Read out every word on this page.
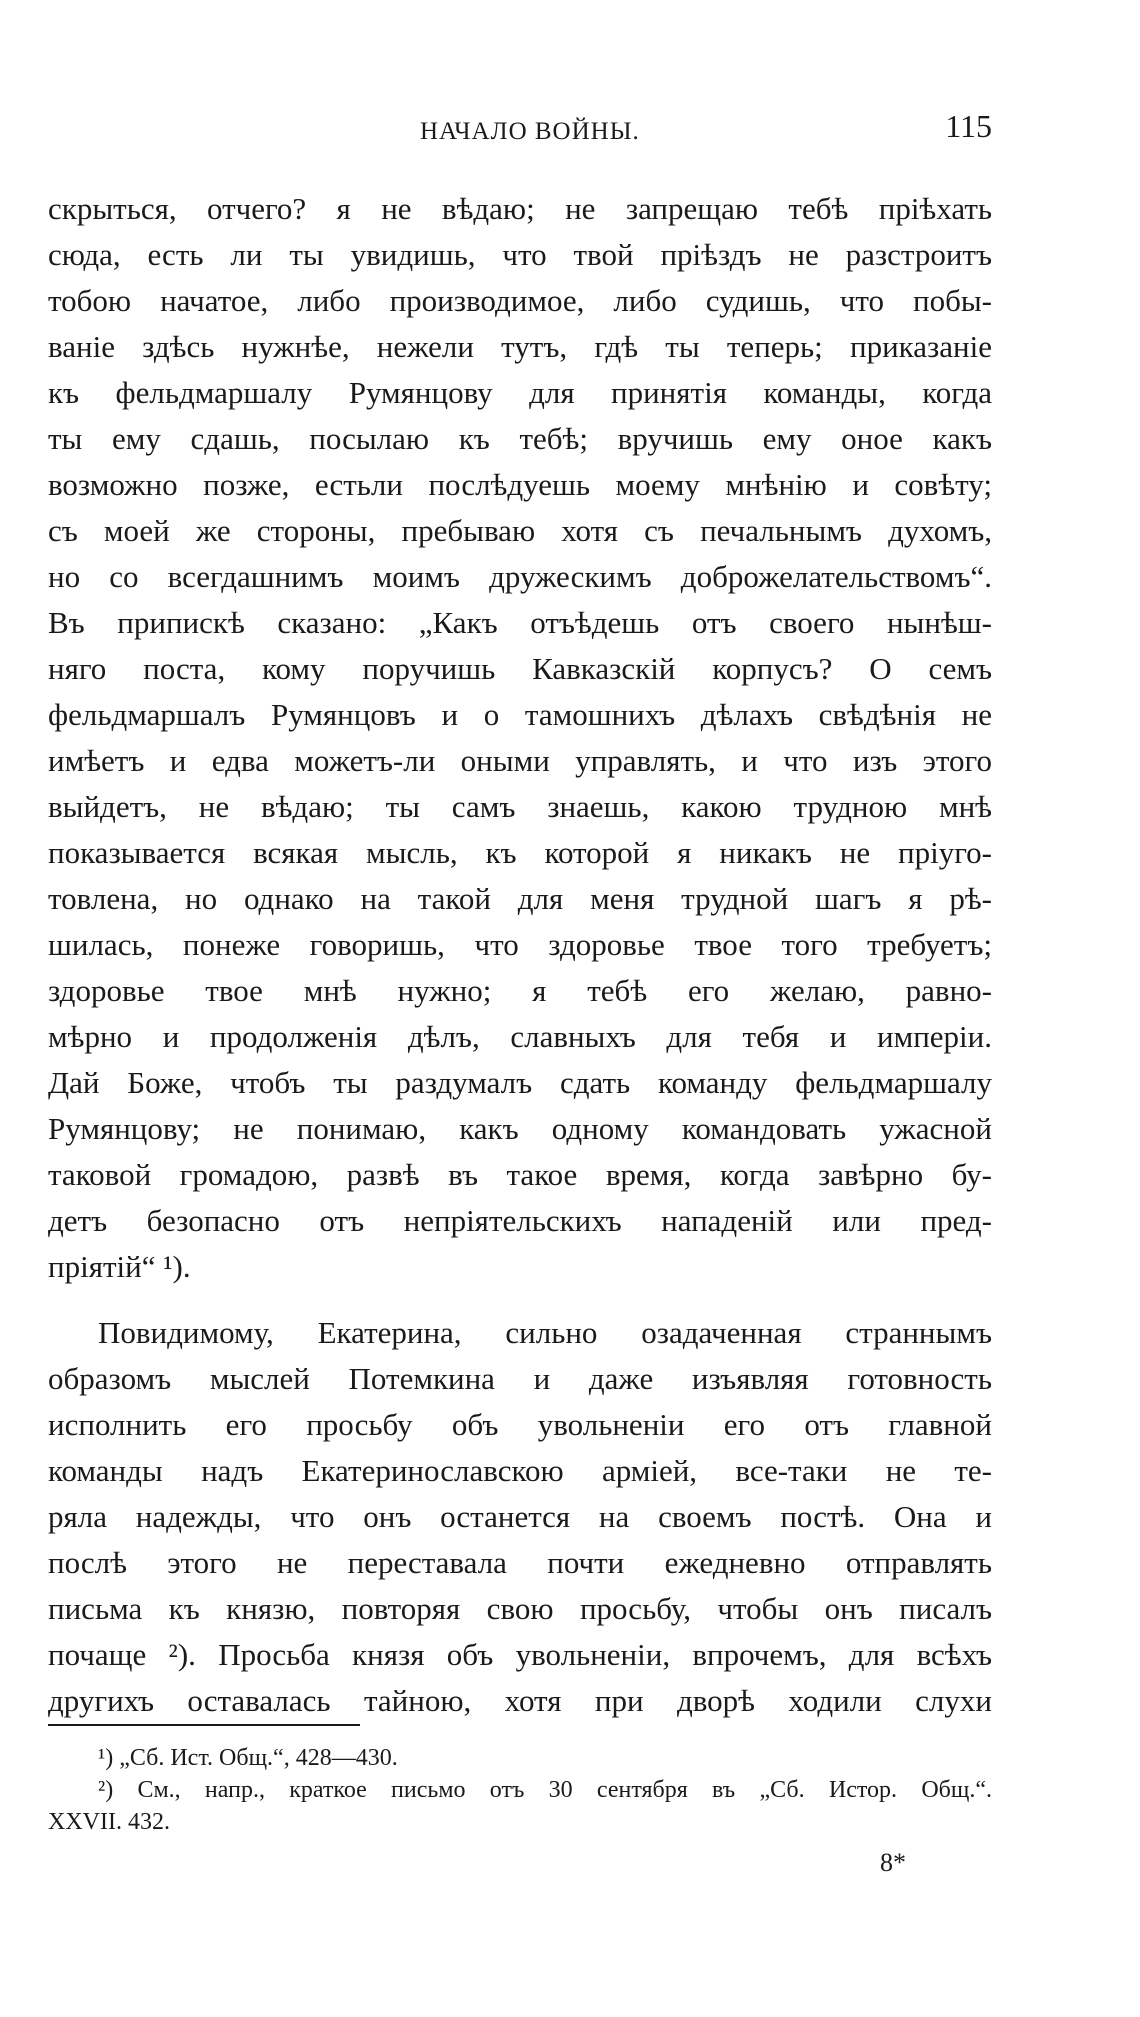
НАЧАЛО ВОЙНЫ.	115
скрыться, отчего? я не вѣдаю; не запрещаю тебѣ пріѣхать
сюда, есть ли ты увидишь, что твой пріѣздъ не разстроитъ
тобою начатое, либо производимое, либо судишь, что побы-
ваніе здѣсь нужнѣе, нежели тутъ, гдѣ ты теперь; приказаніе
къ фельдмаршалу Румянцову для принятія команды, когда
ты ему сдашь, посылаю къ тебѣ; вручишь ему оное какъ
возможно позже, естьли послѣдуешь моему мнѣнію и совѣту;
съ моей же стороны, пребываю хотя съ печальнымъ духомъ,
но со всегдашнимъ моимъ дружескимъ доброжелательствомъ“.
Въ припискѣ сказано: „Какъ отъѣдешь отъ своего нынѣш-
няго поста, кому поручишь Кавказскій корпусъ? О семъ
фельдмаршалъ Румянцовъ и о тамошнихъ дѣлахъ свѣдѣнія не
имѣетъ и едва можетъ-ли оными управлять, и что изъ этого
выйдетъ, не вѣдаю; ты самъ знаешь, какою трудною мнѣ
показывается всякая мысль, къ которой я никакъ не пріуго-
товлена, но однако на такой для меня трудной шагъ я рѣ-
шилась, понеже говоришь, что здоровье твое того требуетъ;
здоровье твое мнѣ нужно; я тебѣ его желаю, равно-
мѣрно и продолженія дѣлъ, славныхъ для тебя и имперіи.
Дай Боже, чтобъ ты раздумалъ сдать команду фельдмаршалу
Румянцову; не понимаю, какъ одному командовать ужасной
таковой громадою, развѣ въ такое время, когда завѣрно бу-
детъ безопасно отъ непріятельскихъ нападеній или пред-
пріятій“ ¹).
Повидимому, Екатерина, сильно озадаченная страннымъ
образомъ мыслей Потемкина и даже изъявляя готовность
исполнить его просьбу объ увольненіи его отъ главной
команды надъ Екатеринославскою арміей, все-таки не те-
ряла надежды, что онъ останется на своемъ постѣ. Она и
послѣ этого не переставала почти ежедневно отправлять
письма къ князю, повторяя свою просьбу, чтобы онъ писалъ
почаще ²). Просьба князя объ увольненіи, впрочемъ, для всѣхъ
другихъ оставалась тайною, хотя при дворѣ ходили слухи
¹) „Сб. Ист. Общ.“, 428—430.
²) См., напр., краткое письмо отъ 30 сентября въ „Сб. Истор. Общ.“.
XXVII. 432.
8*
